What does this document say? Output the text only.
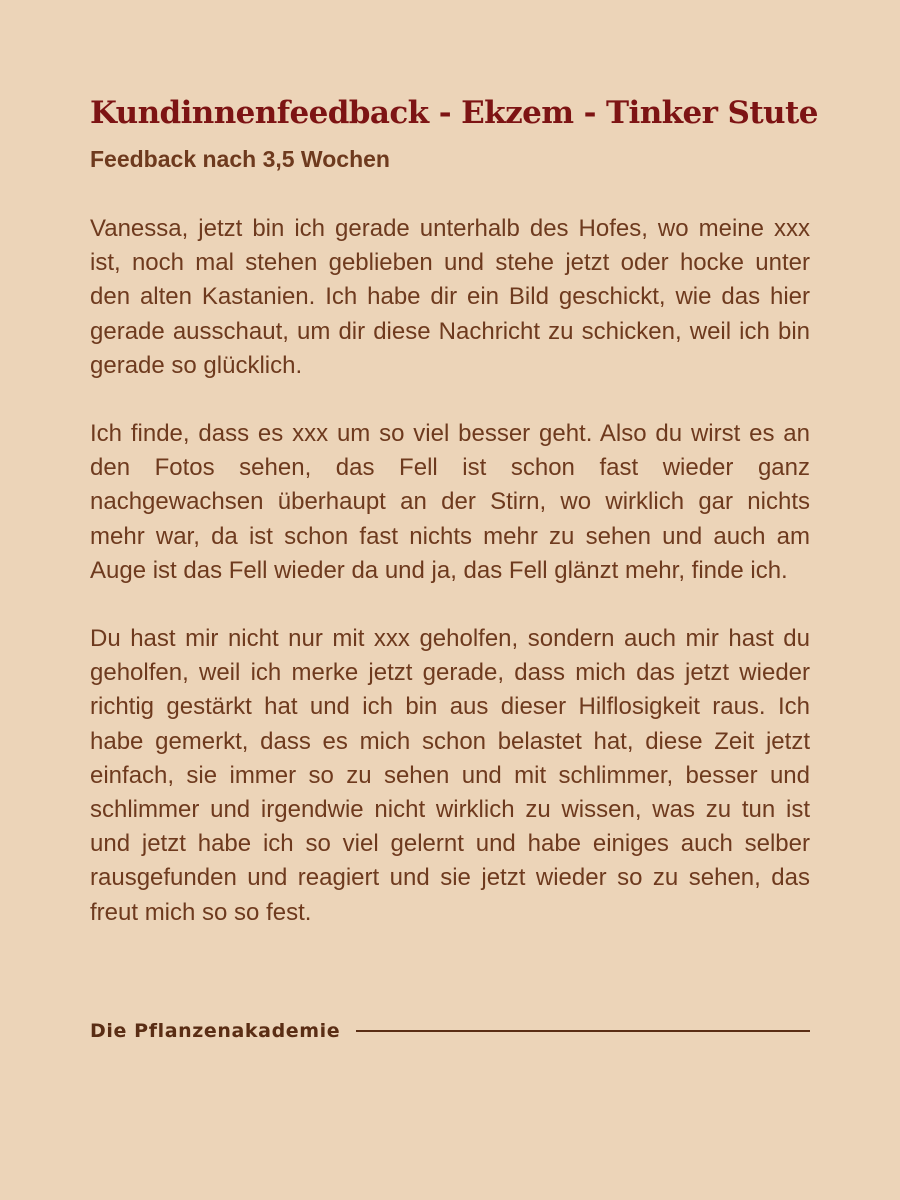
Kundinnenfeedback - Ekzem - Tinker Stute
Feedback nach 3,5 Wochen

Vanessa, jetzt bin ich gerade unterhalb des Hofes, wo meine xxx ist, noch mal stehen geblieben und stehe jetzt oder hocke unter den alten Kastanien. Ich habe dir ein Bild geschickt, wie das hier gerade ausschaut, um dir diese Nachricht zu schicken, weil ich bin gerade so glücklich.

Ich finde, dass es xxx um so viel besser geht. Also du wirst es an den Fotos sehen, das Fell ist schon fast wieder ganz nachgewachsen überhaupt an der Stirn, wo wirklich gar nichts mehr war, da ist schon fast nichts mehr zu sehen und auch am Auge ist das Fell wieder da und ja, das Fell glänzt mehr, finde ich.

Du hast mir nicht nur mit xxx geholfen, sondern auch mir hast du geholfen, weil ich merke jetzt gerade, dass mich das jetzt wieder richtig gestärkt hat und ich bin aus dieser Hilflosigkeit raus. Ich habe gemerkt, dass es mich schon belastet hat, diese Zeit jetzt einfach, sie immer so zu sehen und mit schlimmer, besser und schlimmer und irgendwie nicht wirklich zu wissen, was zu tun ist und jetzt habe ich so viel gelernt und habe einiges auch selber rausgefunden und reagiert und sie jetzt wieder so zu sehen, das freut mich so so fest.

Die Pflanzenakademie
